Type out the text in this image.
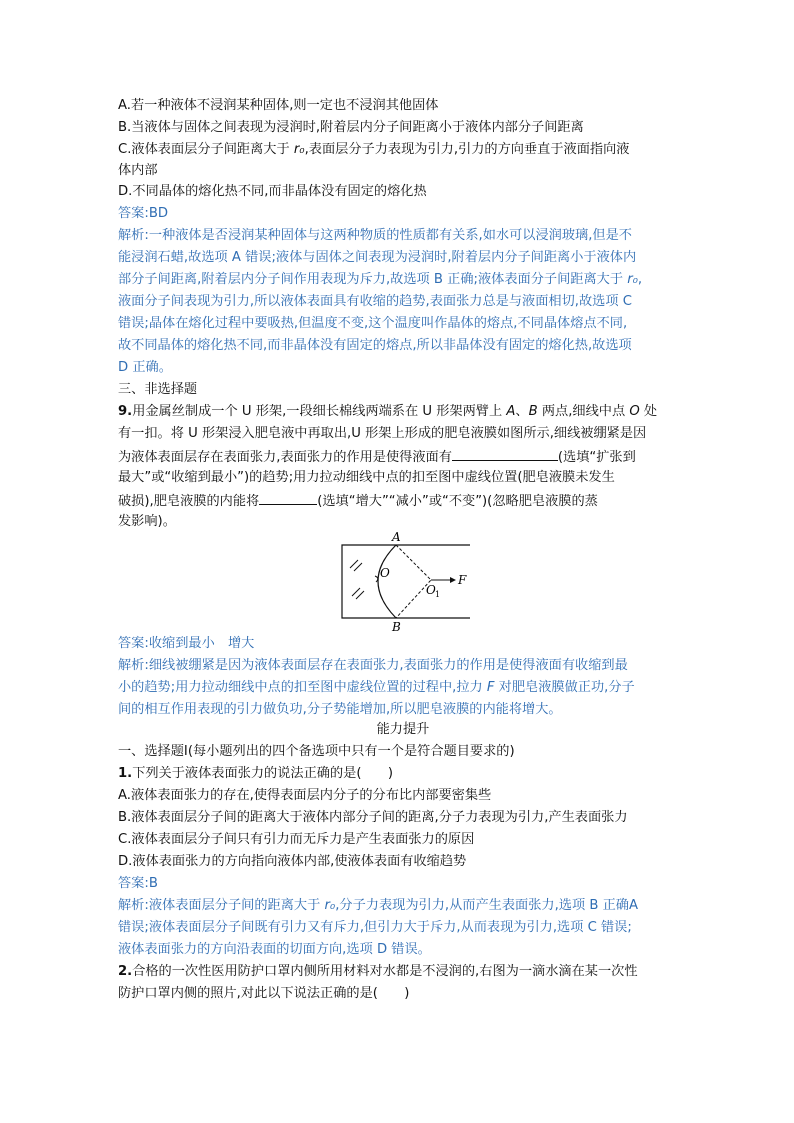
A.若一种液体不浸润某种固体,则一定也不浸润其他固体
B.当液体与固体之间表现为浸润时,附着层内分子间距离小于液体内部分子间距离
C.液体表面层分子间距离大于 r₀,表面层分子力表现为引力,引力的方向垂直于液面指向液
体内部
D.不同晶体的熔化热不同,而非晶体没有固定的熔化热
答案:BD
解析:一种液体是否浸润某种固体与这两种物质的性质都有关系,如水可以浸润玻璃,但是不
能浸润石蜡,故选项 A 错误;液体与固体之间表现为浸润时,附着层内分子间距离小于液体内
部分子间距离,附着层内分子间作用表现为斥力,故选项 B 正确;液体表面分子间距离大于 r₀,
液面分子间表现为引力,所以液体表面具有收缩的趋势,表面张力总是与液面相切,故选项 C
错误;晶体在熔化过程中要吸热,但温度不变,这个温度叫作晶体的熔点,不同晶体熔点不同,
故不同晶体的熔化热不同,而非晶体没有固定的熔点,所以非晶体没有固定的熔化热,故选项
D 正确。
三、非选择题
9.用金属丝制成一个 U 形架,一段细长棉线两端系在 U 形架两臂上 A、B 两点,细线中点 O 处
有一扣。将 U 形架浸入肥皂液中再取出,U 形架上形成的肥皂液膜如图所示,细线被绷紧是因
为液体表面层存在表面张力,表面张力的作用是使得液面有	(选填“扩张到
最大”或“收缩到最小”)的趋势;用力拉动细线中点的扣至图中虚线位置(肥皂液膜未发生
破损),肥皂液膜的内能将	(选填“增大”“减小”或“不变”)(忽略肥皂液膜的蒸
发影响)。
A
B
O
O 1
F
答案:收缩到最小　增大
解析:细线被绷紧是因为液体表面层存在表面张力,表面张力的作用是使得液面有收缩到最
小的趋势;用力拉动细线中点的扣至图中虚线位置的过程中,拉力 F 对肥皂液膜做正功,分子
间的相互作用表现的引力做负功,分子势能增加,所以肥皂液膜的内能将增大。
能力提升
一、选择题Ⅰ(每小题列出的四个备选项中只有一个是符合题目要求的)
1.下列关于液体表面张力的说法正确的是(　　)
A.液体表面张力的存在,使得表面层内分子的分布比内部要密集些
B.液体表面层分子间的距离大于液体内部分子间的距离,分子力表现为引力,产生表面张力
C.液体表面层分子间只有引力而无斥力是产生表面张力的原因
D.液体表面张力的方向指向液体内部,使液体表面有收缩趋势
答案:B
解析:液体表面层分子间的距离大于 r₀,分子力表现为引力,从而产生表面张力,选项 B 正确A
错误;液体表面层分子间既有引力又有斥力,但引力大于斥力,从而表现为引力,选项 C 错误;
液体表面张力的方向沿表面的切面方向,选项 D 错误。
2.合格的一次性医用防护口罩内侧所用材料对水都是不浸润的,右图为一滴水滴在某一次性
防护口罩内侧的照片,对此以下说法正确的是(　　)
